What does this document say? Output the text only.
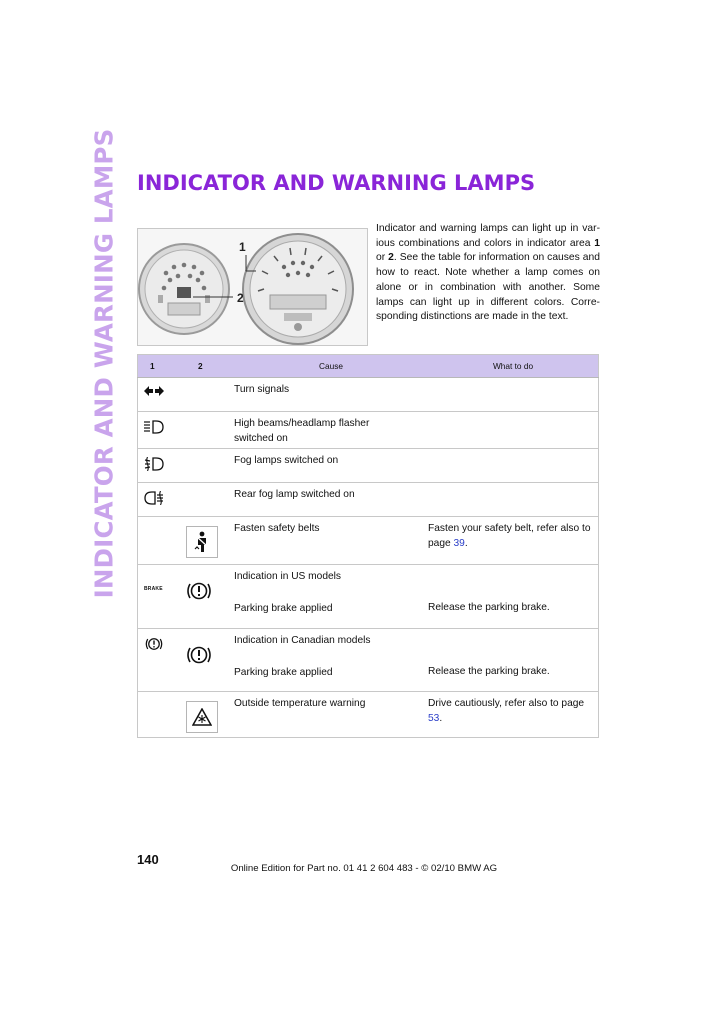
INDICATOR AND WARNING LAMPS INDICATOR AND WARNING LAMPS
1
2

Indicator and warning lamps can light up in var-ious combinations and colors in indicator area 1 or 2. See the table for information on causes and how to react. Note whether a lamp comes on alone or in combination with another. Some lamps can light up in different colors. Corre-sponding distinctions are made in the text.

1	2	Cause	What to do

Turn signals	

High beams/headlamp flasher
switched on	

Fog lamps switched on	

Rear fog lamp switched on	

Fasten safety belts	Fasten your safety belt, refer also to
page 39.

BRAKE		Indication in US models
Parking brake applied	Release the parking brake.

Indication in Canadian models
Parking brake applied	Release the parking brake.

Outside temperature warning	Drive cautiously, refer also to page 53.
140
Online Edition for Part no. 01 41 2 604 483 - © 02/10 BMW AG
